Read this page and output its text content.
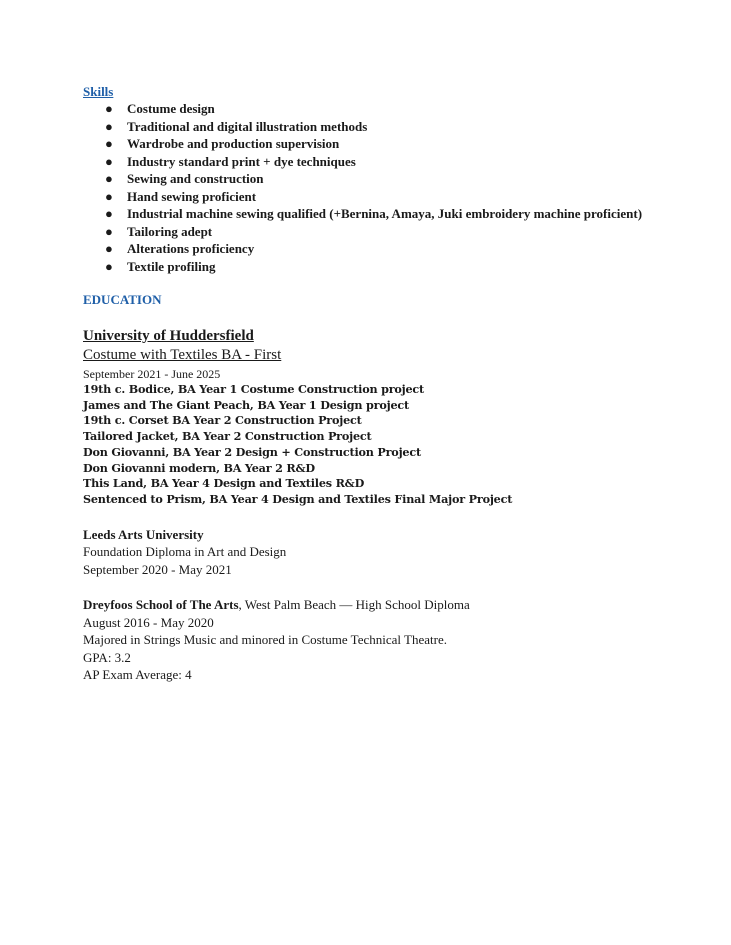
Skills
● Costume design
● Traditional and digital illustration methods
● Wardrobe and production supervision
● Industry standard print + dye techniques
● Sewing and construction
● Hand sewing proficient
● Industrial machine sewing qualified (+Bernina, Amaya, Juki embroidery machine proficient)
● Tailoring adept
● Alterations proficiency
● Textile profiling
EDUCATION
University of Huddersfield
Costume with Textiles BA - First
September 2021 - June 2025
19th c. Bodice, BA Year 1 Costume Construction project
James and The Giant Peach, BA Year 1 Design project
19th c. Corset BA Year 2 Construction Project
Tailored Jacket, BA Year 2 Construction Project
Don Giovanni, BA Year 2 Design + Construction Project
Don Giovanni modern, BA Year 2 R&D
This Land, BA Year 4 Design and Textiles R&D
Sentenced to Prism, BA Year 4 Design and Textiles Final Major Project
Leeds Arts University
Foundation Diploma in Art and Design
September 2020 - May 2021
Dreyfoos School of The Arts, West Palm Beach — High School Diploma
August 2016 - May 2020
Majored in Strings Music and minored in Costume Technical Theatre.
GPA: 3.2
AP Exam Average: 4
